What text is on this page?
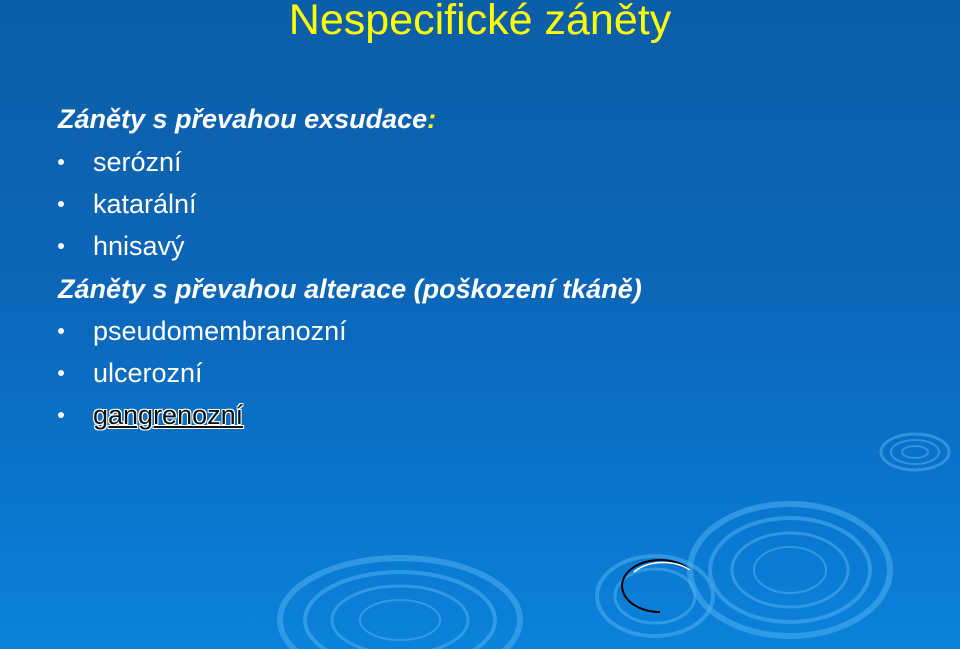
Nespecifické záněty
Záněty s převahou exsudace:
serózní
katarální
hnisavý
Záněty s převahou alterace (poškození tkáně)
pseudomembranozní
ulcerozní
gangrenozní
